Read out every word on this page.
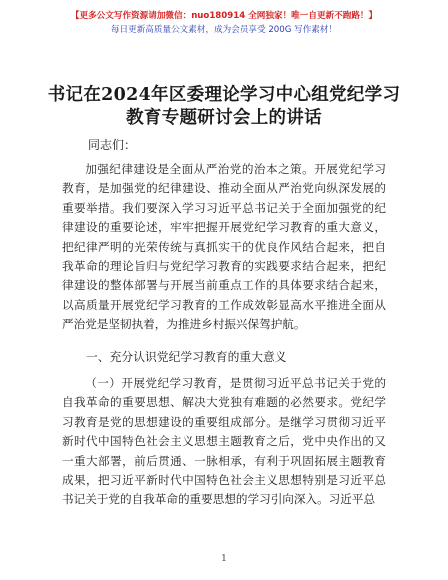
【更多公文写作资源请加微信：nuo180914 全网独家！唯一自更新不跑路！】
每日更新高质量公文素材，成为会员享受 200G 写作素材！
书记在2024年区委理论学习中心组党纪学习教育专题研讨会上的讲话
同志们：
加强纪律建设是全面从严治党的治本之策。开展党纪学习教育，是加强党的纪律建设、推动全面从严治党向纵深发展的重要举措。我们要深入学习习近平总书记关于全面加强党的纪律建设的重要论述，牢牢把握开展党纪学习教育的重大意义，把纪律严明的光荣传统与真抓实干的优良作风结合起来，把自我革命的理论旨归与党纪学习教育的实践要求结合起来，把纪律建设的整体部署与开展当前重点工作的具体要求结合起来，以高质量开展党纪学习教育的工作成效彰显高水平推进全面从严治党是坚韧执着，为推进乡村振兴保驾护航。
一、充分认识党纪学习教育的重大意义
（一）开展党纪学习教育，是贯彻习近平总书记关于党的自我革命的重要思想、解决大党独有难题的必然要求。党纪学习教育是党的思想建设的重要组成部分。是继学习贯彻习近平新时代中国特色社会主义思想主题教育之后，党中央作出的又一重大部署，前后贯通、一脉相承，有利于巩固拓展主题教育成果，把习近平新时代中国特色社会主义思想特别是习近平总书记关于党的自我革命的重要思想的学习引向深入。习近平总
1
